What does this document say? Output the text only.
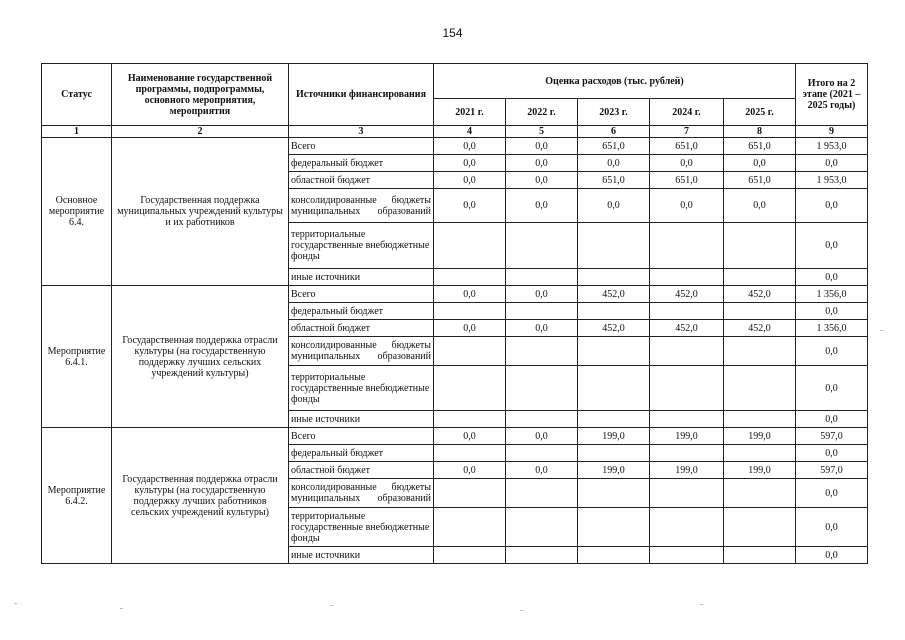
154
Статус	Наименование государственной программы, подпрограммы, основного мероприятия, мероприятия	Источники финансирования	Оценка расходов (тыс. рублей)					Итого на 2 этапе (2021 – 2025 годы)
			2021 г.	2022 г.	2023 г.	2024 г.	2025 г.	
1	2	3	4	5	6	7	8	9
Основное мероприятие 6.4.	Государственная поддержка муниципальных учреждений культуры и их работников	Всего	0,0	0,0	651,0	651,0	651,0	1 953,0
		федеральный бюджет	0,0	0,0	0,0	0,0	0,0	0,0
		областной бюджет	0,0	0,0	651,0	651,0	651,0	1 953,0
		консолидированные бюджеты муниципальных образований	0,0	0,0	0,0	0,0	0,0	0,0
		территориальные государственные внебюджетные фонды						0,0
		иные источники						0,0
Мероприятие 6.4.1.	Государственная поддержка отрасли культуры (на государственную поддержку лучших сельских учреждений культуры)	Всего	0,0	0,0	452,0	452,0	452,0	1 356,0
		федеральный бюджет						0,0
		областной бюджет	0,0	0,0	452,0	452,0	452,0	1 356,0
		консолидированные бюджеты муниципальных образований						0,0
		территориальные государственные внебюджетные фонды						0,0
		иные источники						0,0
Мероприятие 6.4.2.	Государственная поддержка отрасли культуры (на государственную поддержку лучших работников сельских учреждений культуры)	Всего	0,0	0,0	199,0	199,0	199,0	597,0
		федеральный бюджет						0,0
		областной бюджет	0,0	0,0	199,0	199,0	199,0	597,0
		консолидированные бюджеты муниципальных образований						0,0
		территориальные государственные внебюджетные фонды						0,0
		иные источники						0,0
